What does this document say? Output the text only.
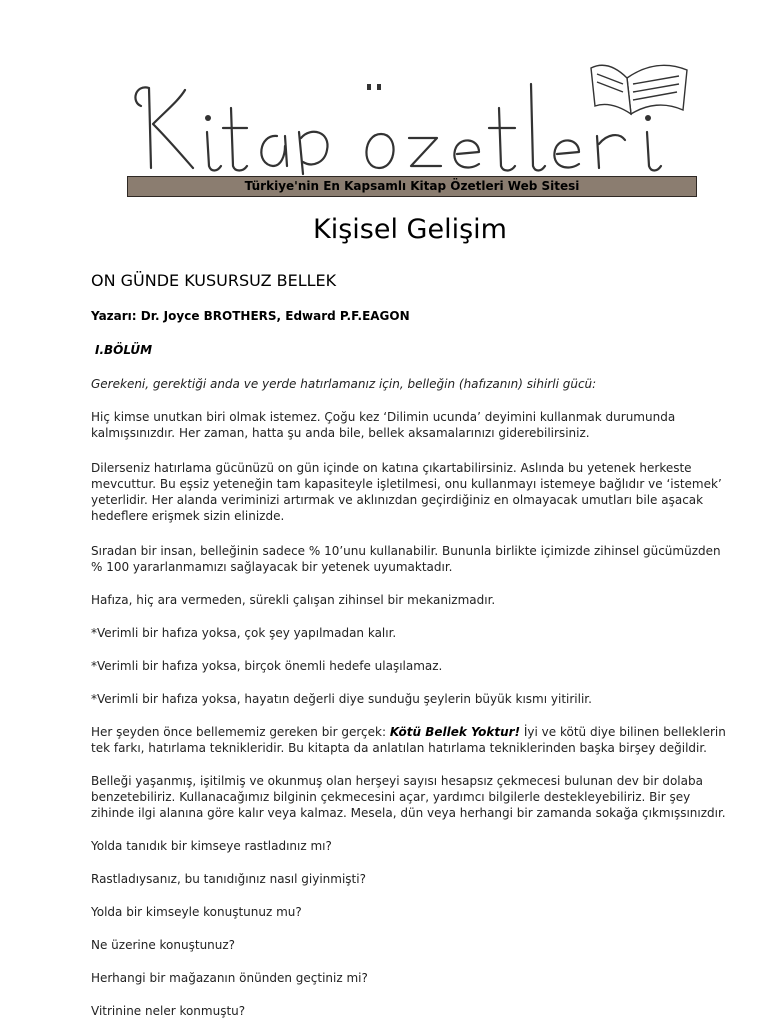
Türkiye'nin En Kapsamlı Kitap Özetleri Web Sitesi
Kişisel Gelişim
ON GÜNDE KUSURSUZ BELLEK
Yazarı: Dr. Joyce BROTHERS, Edward P.F.EAGON
I.BÖLÜM

Gerekeni, gerektiği anda ve yerde hatırlamanız için, belleğin (hafızanın) sihirli gücü:

Hiç kimse unutkan biri olmak istemez. Çoğu kez ‘Dilimin ucunda’ deyimini kullanmak durumunda kalmışsınızdır. Her zaman, hatta şu anda bile, bellek aksamalarınızı giderebilirsiniz.

Dilerseniz hatırlama gücünüzü on gün içinde on katına çıkartabilirsiniz. Aslında bu yetenek herkeste mevcuttur. Bu eşsiz yeteneğin tam kapasiteyle işletilmesi, onu kullanmayı istemeye bağlıdır ve ‘istemek’ yeterlidir. Her alanda veriminizi artırmak ve aklınızdan geçirdiğiniz en olmayacak umutları bile aşacak hedeflere erişmek sizin elinizde.

Sıradan bir insan, belleğinin sadece % 10’unu kullanabilir. Bununla birlikte içimizde zihinsel gücümüzden % 100 yararlanmamızı sağlayacak bir yetenek uyumaktadır.

Hafıza, hiç ara vermeden, sürekli çalışan zihinsel bir mekanizmadır.

*Verimli bir hafıza yoksa, çok şey yapılmadan kalır.

*Verimli bir hafıza yoksa, birçok önemli hedefe ulaşılamaz.

*Verimli bir hafıza yoksa, hayatın değerli diye sunduğu şeylerin büyük kısmı yitirilir.

Her şeyden önce bellememiz gereken bir gerçek: Kötü Bellek Yoktur! İyi ve kötü diye bilinen belleklerin tek farkı, hatırlama teknikleridir. Bu kitapta da anlatılan hatırlama tekniklerinden başka birşey değildir.

Belleği yaşanmış, işitilmiş ve okunmuş olan herşeyi sayısı hesapsız çekmecesi bulunan dev bir dolaba benzetebiliriz. Kullanacağımız bilginin çekmecesini açar, yardımcı bilgilerle destekleyebiliriz. Bir şey zihinde ilgi alanına göre kalır veya kalmaz. Mesela, dün veya herhangi bir zamanda sokağa çıkmışsınızdır.

Yolda tanıdık bir kimseye rastladınız mı?

Rastladıysanız, bu tanıdığınız nasıl giyinmişti?

Yolda bir kimseyle konuştunuz mu?

Ne üzerine konuştunuz?

Herhangi bir mağazanın önünden geçtiniz mi?

Vitrinine neler konmuştu?
